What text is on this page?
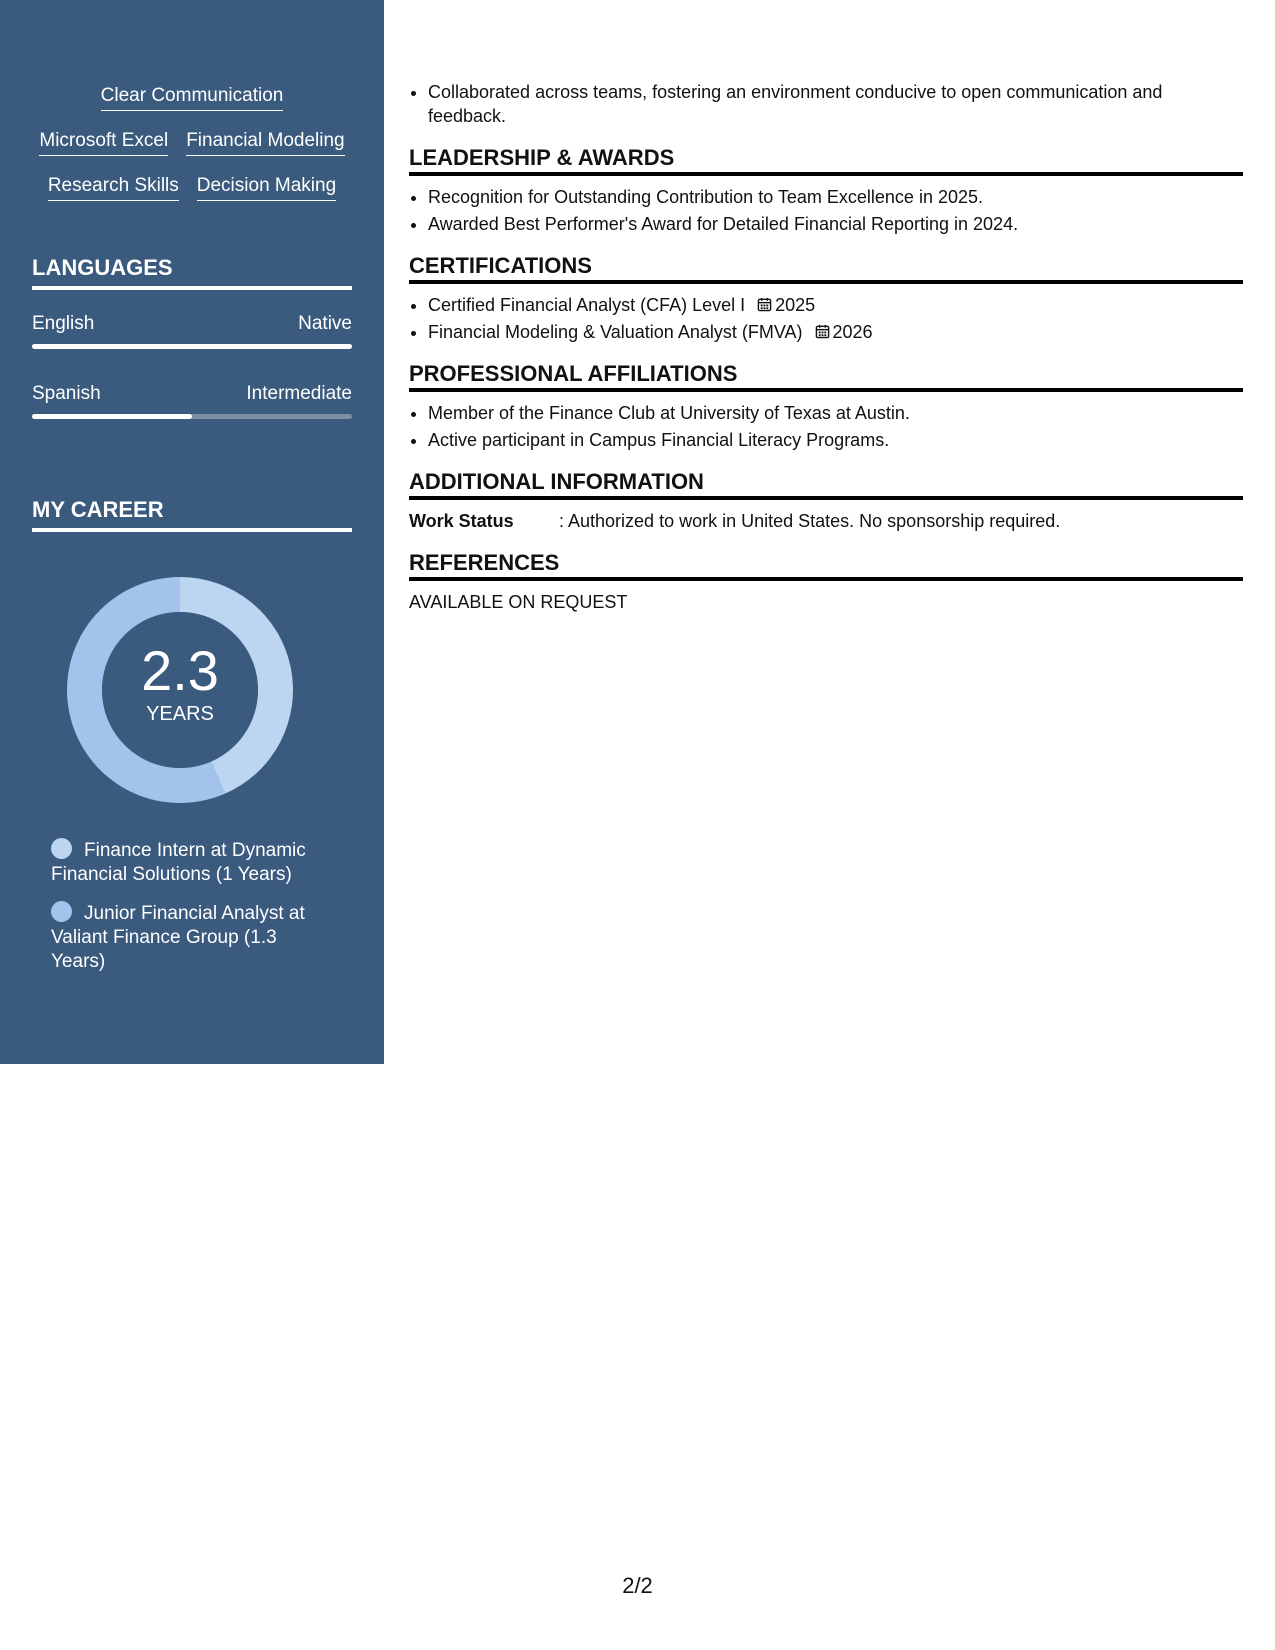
Clear Communication
Microsoft Excel Financial Modeling
Research Skills Decision Making
LANGUAGES
English	Native
Spanish	Intermediate
MY CAREER
2.3
YEARS
Finance Intern at Dynamic Financial Solutions (1 Years)
Junior Financial Analyst at Valiant Finance Group (1.3 Years)
• Collaborated across teams, fostering an environment conducive to open communication and feedback.
LEADERSHIP & AWARDS
• Recognition for Outstanding Contribution to Team Excellence in 2025.
• Awarded Best Performer's Award for Detailed Financial Reporting in 2024.
CERTIFICATIONS
• Certified Financial Analyst (CFA) Level I 2025
• Financial Modeling & Valuation Analyst (FMVA) 2026
PROFESSIONAL AFFILIATIONS
• Member of the Finance Club at University of Texas at Austin.
• Active participant in Campus Financial Literacy Programs.
ADDITIONAL INFORMATION
Work Status	: Authorized to work in United States. No sponsorship required.
REFERENCES
AVAILABLE ON REQUEST
2/2
